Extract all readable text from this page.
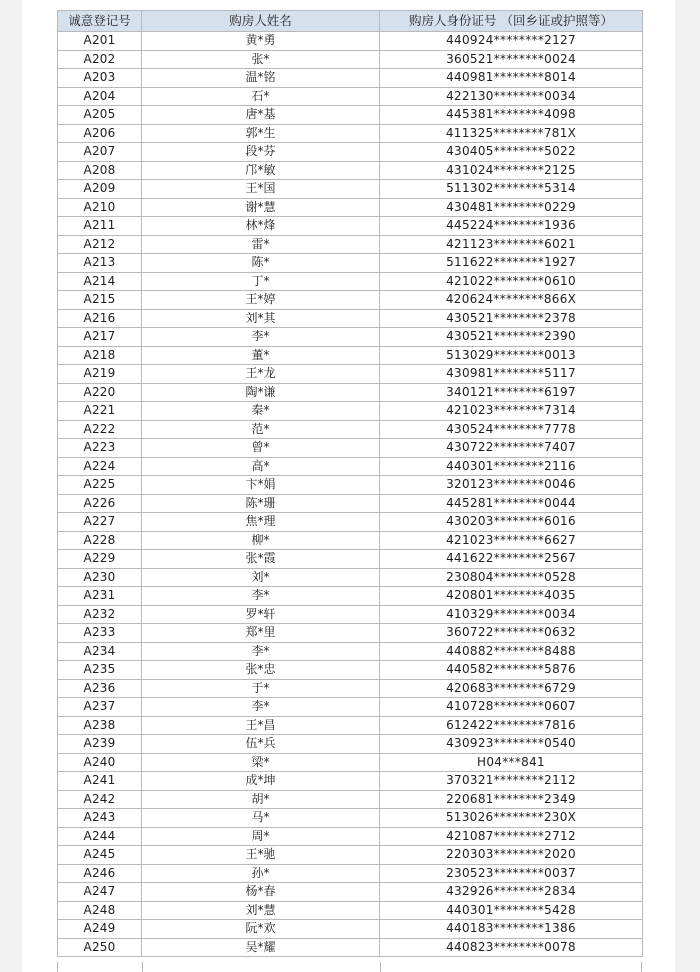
诚意登记号	购房人姓名	购房人身份证号 （回乡证或护照等）
A201	黄*勇	440924********2127
A202	张*	360521********0024
A203	温*铭	440981********8014
A204	石*	422130********0034
A205	唐*基	445381********4098
A206	郭*生	411325********781X
A207	段*芬	430405********5022
A208	邝*敏	431024********2125
A209	王*国	511302********5314
A210	谢*慧	430481********0229
A211	林*烽	445224********1936
A212	雷*	421123********6021
A213	陈*	511622********1927
A214	丁*	421022********0610
A215	王*婷	420624********866X
A216	刘*其	430521********2378
A217	李*	430521********2390
A218	董*	513029********0013
A219	王*龙	430981********5117
A220	陶*谦	340121********6197
A221	秦*	421023********7314
A222	范*	430524********7778
A223	曾*	430722********7407
A224	高*	440301********2116
A225	卞*娟	320123********0046
A226	陈*珊	445281********0044
A227	焦*理	430203********6016
A228	柳*	421023********6627
A229	张*霞	441622********2567
A230	刘*	230804********0528
A231	李*	420801********4035
A232	罗*轩	410329********0034
A233	郑*里	360722********0632
A234	李*	440882********8488
A235	张*忠	440582********5876
A236	于*	420683********6729
A237	李*	410728********0607
A238	王*昌	612422********7816
A239	伍*兵	430923********0540
A240	梁*	H04***841
A241	成*坤	370321********2112
A242	胡*	220681********2349
A243	马*	513026********230X
A244	周*	421087********2712
A245	王*驰	220303********2020
A246	孙*	230523********0037
A247	杨*春	432926********2834
A248	刘*慧	440301********5428
A249	阮*欢	440183********1386
A250	吴*耀	440823********0078
